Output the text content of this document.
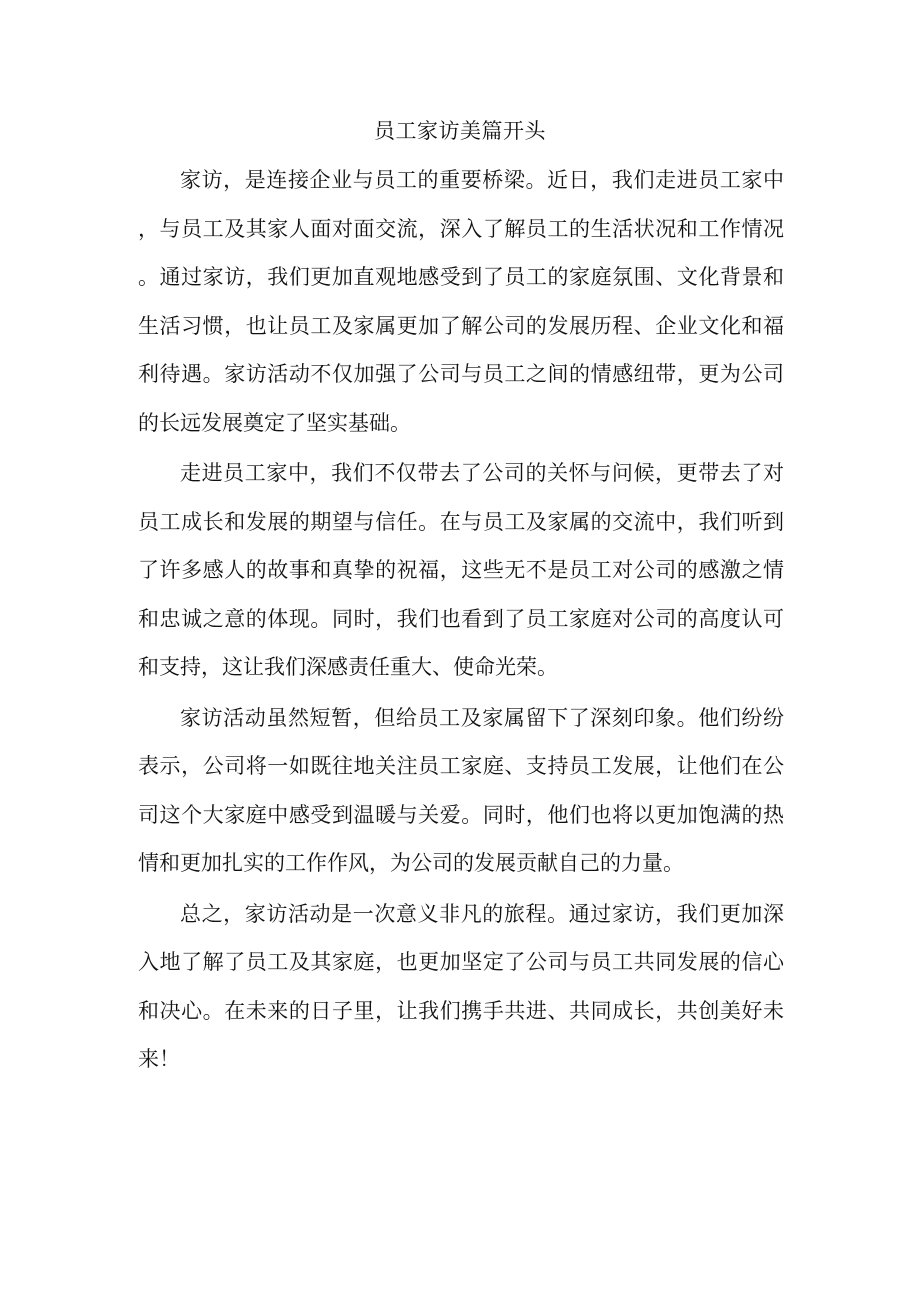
员工家访美篇开头

家访，是连接企业与员工的重要桥梁。近日，我们走进员工家中，与员工及其家人面对面交流，深入了解员工的生活状况和工作情况。通过家访，我们更加直观地感受到了员工的家庭氛围、文化背景和生活习惯，也让员工及家属更加了解公司的发展历程、企业文化和福利待遇。家访活动不仅加强了公司与员工之间的情感纽带，更为公司的长远发展奠定了坚实基础。

走进员工家中，我们不仅带去了公司的关怀与问候，更带去了对员工成长和发展的期望与信任。在与员工及家属的交流中，我们听到了许多感人的故事和真挚的祝福，这些无不是员工对公司的感激之情和忠诚之意的体现。同时，我们也看到了员工家庭对公司的高度认可和支持，这让我们深感责任重大、使命光荣。

家访活动虽然短暂，但给员工及家属留下了深刻印象。他们纷纷表示，公司将一如既往地关注员工家庭、支持员工发展，让他们在公司这个大家庭中感受到温暖与关爱。同时，他们也将以更加饱满的热情和更加扎实的工作作风，为公司的发展贡献自己的力量。

总之，家访活动是一次意义非凡的旅程。通过家访，我们更加深入地了解了员工及其家庭，也更加坚定了公司与员工共同发展的信心和决心。在未来的日子里，让我们携手共进、共同成长，共创美好未来！
